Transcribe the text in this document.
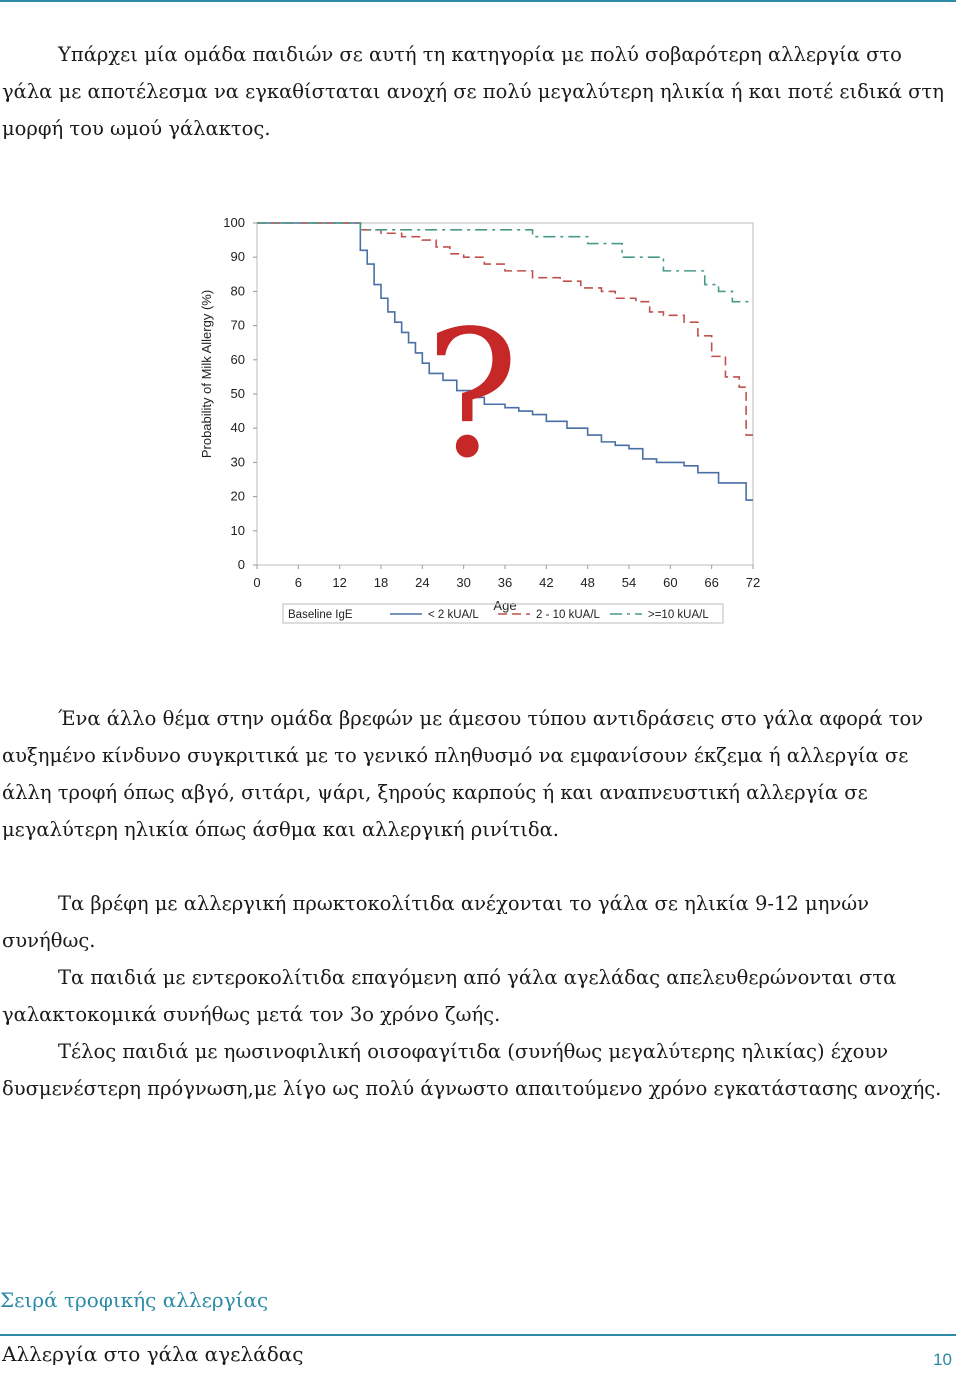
Υπάρχει μία ομάδα παιδιών σε αυτή τη κατηγορία με πολύ σοβαρότερη αλλεργία στο γάλα με αποτέλεσμα να εγκαθίσταται ανοχή σε πολύ μεγαλύτερη ηλικία ή και ποτέ ειδικά στη μορφή του ωμού γάλακτος.

0
10
20
30
40
50
60
70
80
90
100
0	6 12 18 24 30 36 42 48 54 60 66 72
Age
Probability of Milk Allergy (%) ?
Baseline IgE	< 2 kUA/L	2 - 10 kUA/L	>=10 kUA/L

Ένα άλλο θέμα στην ομάδα βρεφών με άμεσου τύπου αντιδράσεις στο γάλα αφορά τον αυξημένο κίνδυνο συγκριτικά με το γενικό πληθυσμό να εμφανίσουν έκζεμα ή αλλεργία σε άλλη τροφή όπως αβγό, σιτάρι, ψάρι, ξηρούς καρπούς ή και αναπνευστική αλλεργία σε μεγαλύτερη ηλικία όπως άσθμα και αλλεργική ρινίτιδα.

Τα βρέφη με αλλεργική πρωκτοκολίτιδα ανέχονται το γάλα σε ηλικία 9-12 μηνών συνήθως.

Τα παιδιά με εντεροκολίτιδα επαγόμενη από γάλα αγελάδας απελευθερώνονται στα γαλακτοκομικά συνήθως μετά τον 3ο χρόνο ζωής.

Τέλος παιδιά με ηωσινοφιλική οισοφαγίτιδα (συνήθως μεγαλύτερης ηλικίας) έχουν δυσμενέστερη πρόγνωση,με λίγο ως πολύ άγνωστο απαιτούμενο χρόνο εγκατάστασης ανοχής.

Σειρά τροφικής αλλεργίας
Αλλεργία στο γάλα αγελάδας	10
